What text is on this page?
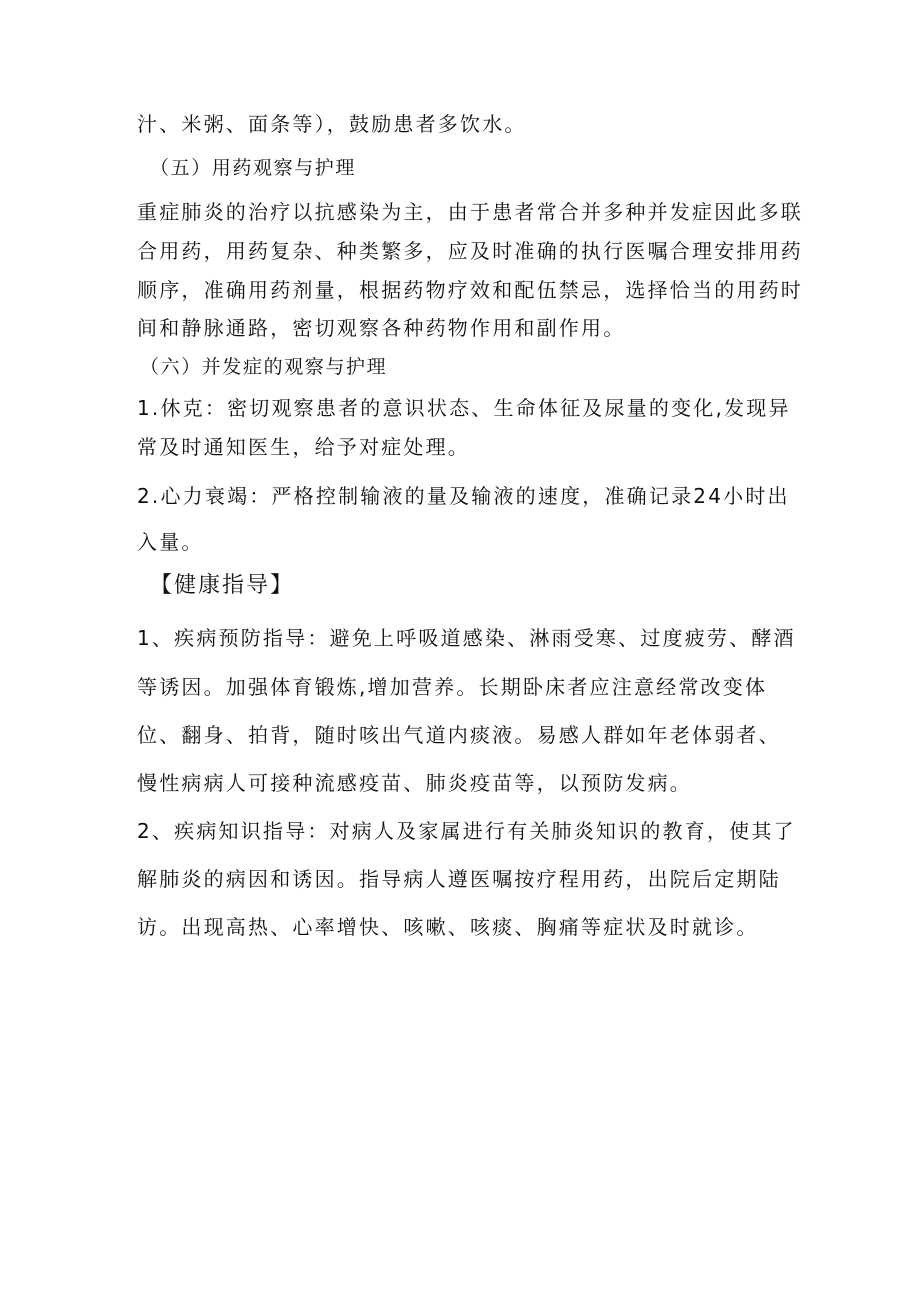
汁、米粥、面条等），鼓励患者多饮水。
（五）用药观察与护理
重症肺炎的治疗以抗感染为主，由于患者常合并多种并发症因此多联
合用药，用药复杂、种类繁多，应及时准确的执行医嘱合理安排用药
顺序，准确用药剂量，根据药物疗效和配伍禁忌，选择恰当的用药时
间和静脉通路，密切观察各种药物作用和副作用。
（六）并发症的观察与护理
1.休克：密切观察患者的意识状态、生命体征及尿量的变化,发现异
常及时通知医生，给予对症处理。
2.心力衰竭：严格控制输液的量及输液的速度，准确记录24小时出
入量。
【健康指导】
1、疾病预防指导：避免上呼吸道感染、淋雨受寒、过度疲劳、酵酒
等诱因。加强体育锻炼,增加营养。长期卧床者应注意经常改变体
位、翻身、拍背，随时咳出气道内痰液。易感人群如年老体弱者、
慢性病病人可接种流感疫苗、肺炎疫苗等，以预防发病。
2、疾病知识指导：对病人及家属进行有关肺炎知识的教育，使其了
解肺炎的病因和诱因。指导病人遵医嘱按疗程用药，出院后定期陆
访。出现高热、心率增快、咳嗽、咳痰、胸痛等症状及时就诊。
